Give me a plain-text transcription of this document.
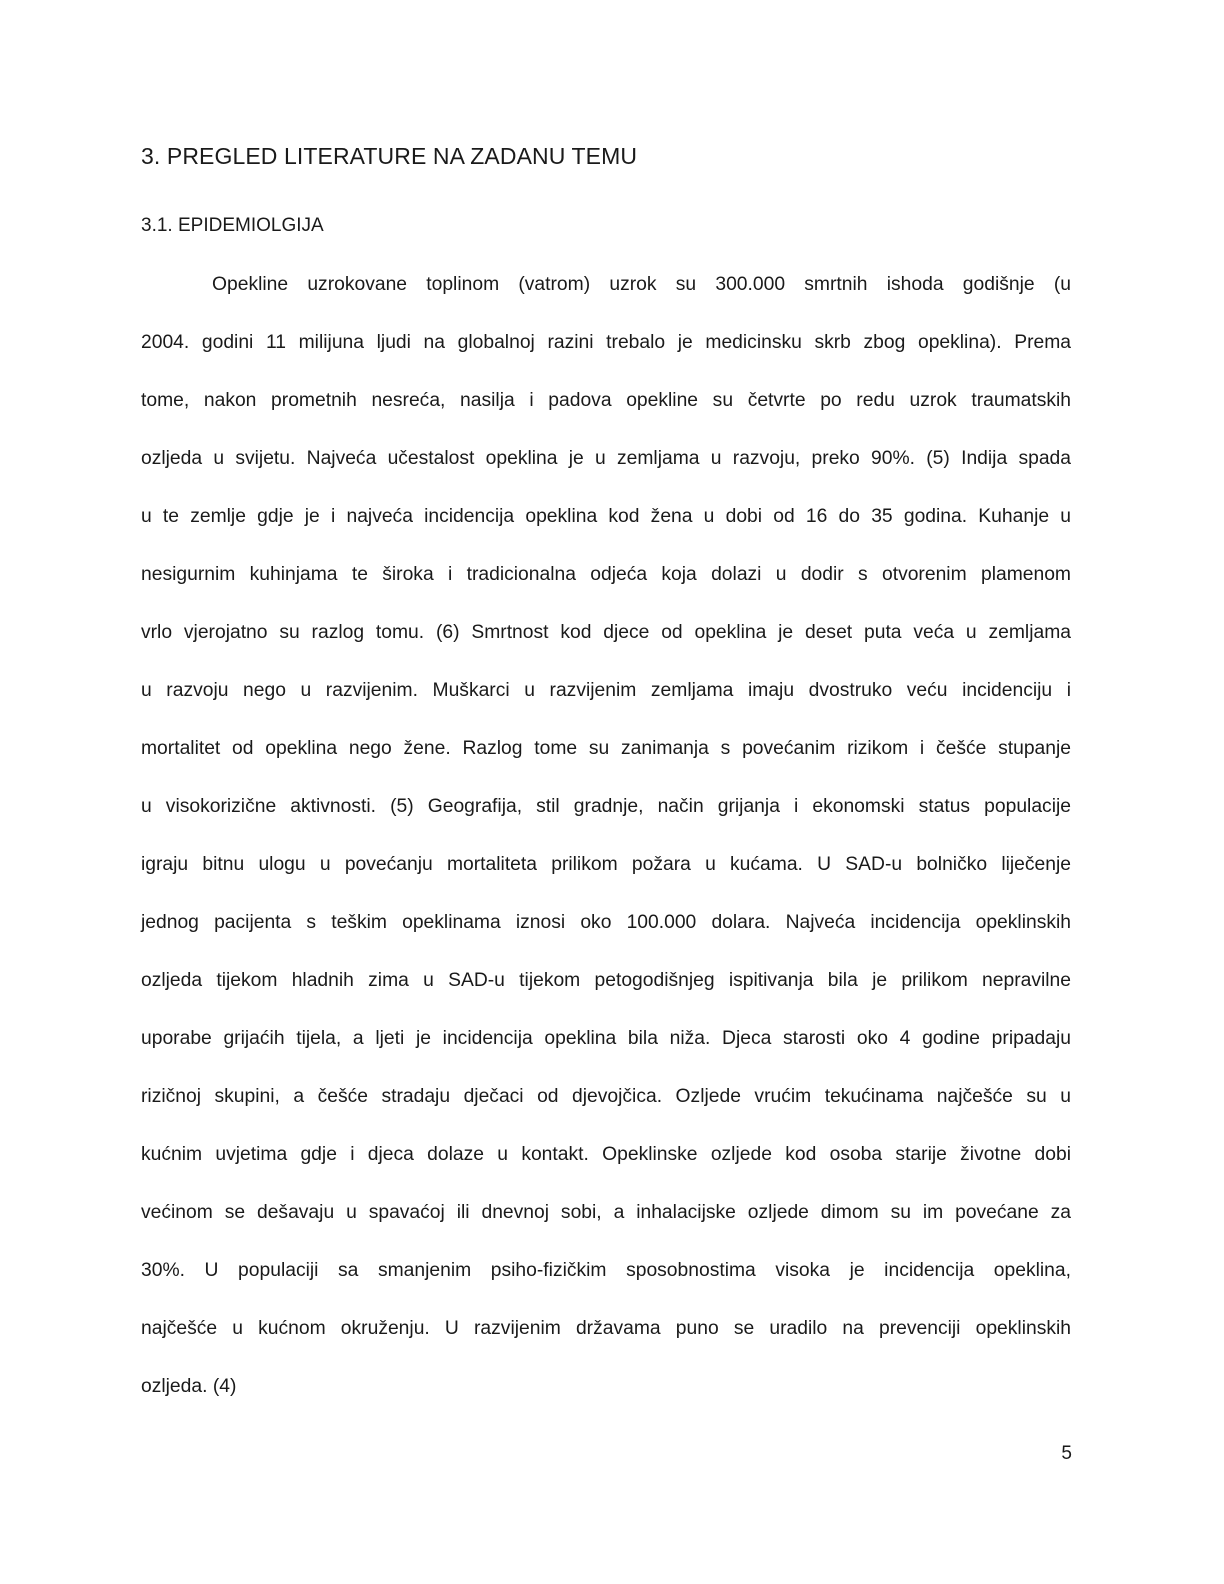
3. PREGLED LITERATURE NA ZADANU TEMU
3.1. EPIDEMIOLGIJA

Opekline uzrokovane toplinom (vatrom) uzrok su 300.000 smrtnih ishoda godišnje (u
2004. godini 11 milijuna ljudi na globalnoj razini trebalo je medicinsku skrb zbog opeklina). Prema
tome, nakon prometnih nesreća, nasilja i padova opekline su četvrte po redu uzrok traumatskih
ozljeda u svijetu. Najveća učestalost opeklina je u zemljama u razvoju, preko 90%. (5) Indija spada
u te zemlje gdje je i najveća incidencija opeklina kod žena u dobi od 16 do 35 godina. Kuhanje u
nesigurnim kuhinjama te široka i tradicionalna odjeća koja dolazi u dodir s otvorenim plamenom
vrlo vjerojatno su razlog tomu. (6) Smrtnost kod djece od opeklina je deset puta veća u zemljama
u razvoju nego u razvijenim. Muškarci u razvijenim zemljama imaju dvostruko veću incidenciju i
mortalitet od opeklina nego žene. Razlog tome su zanimanja s povećanim rizikom i češće stupanje
u visokorizične aktivnosti. (5) Geografija, stil gradnje, način grijanja i ekonomski status populacije
igraju bitnu ulogu u povećanju mortaliteta prilikom požara u kućama. U SAD-u bolničko liječenje
jednog pacijenta s teškim opeklinama iznosi oko 100.000 dolara. Najveća incidencija opeklinskih
ozljeda tijekom hladnih zima u SAD-u tijekom petogodišnjeg ispitivanja bila je prilikom nepravilne
uporabe grijaćih tijela, a ljeti je incidencija opeklina bila niža. Djeca starosti oko 4 godine pripadaju
rizičnoj skupini, a češće stradaju dječaci od djevojčica. Ozljede vrućim tekućinama najčešće su u
kućnim uvjetima gdje i djeca dolaze u kontakt. Opeklinske ozljede kod osoba starije životne dobi
većinom se dešavaju u spavaćoj ili dnevnoj sobi, a inhalacijske ozljede dimom su im povećane za
30%. U populaciji sa smanjenim psiho-fizičkim sposobnostima visoka je incidencija opeklina,
najčešće u kućnom okruženju. U razvijenim državama puno se uradilo na prevenciji opeklinskih
ozljeda. (4)

5
